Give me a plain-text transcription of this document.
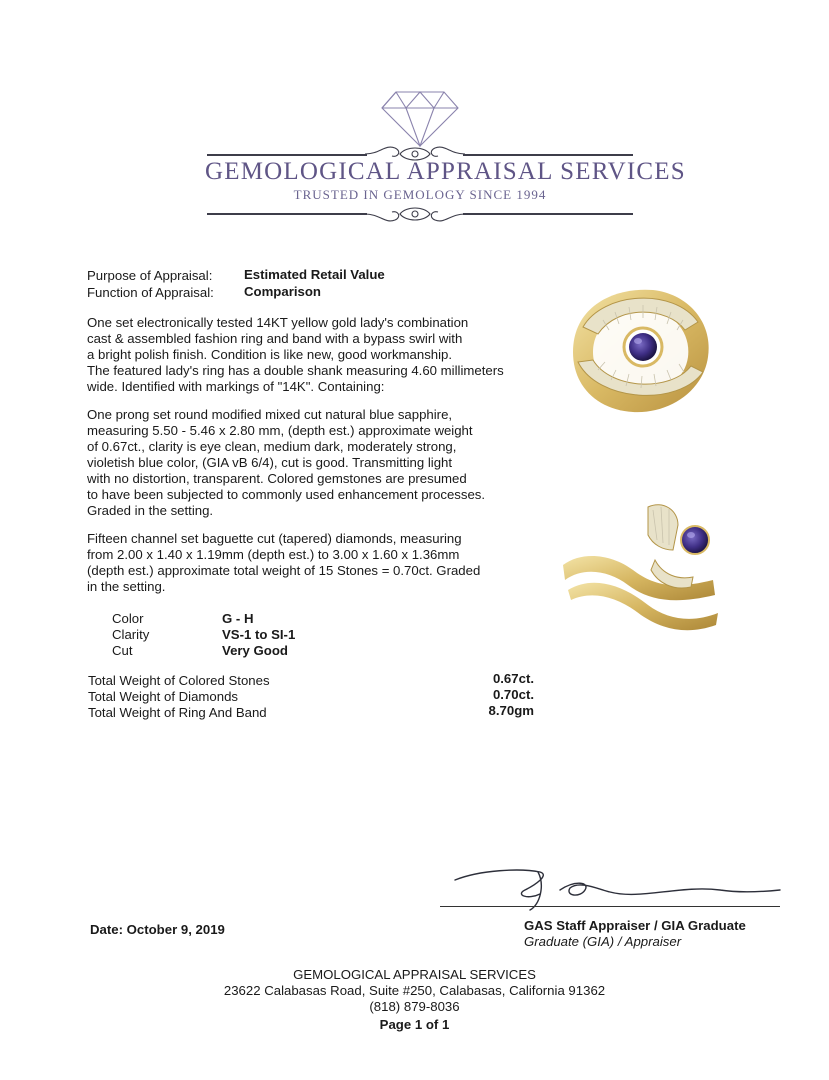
GEMOLOGICAL APPRAISAL SERVICES
TRUSTED IN GEMOLOGY SINCE 1994
Purpose of Appraisal: Estimated Retail Value
Function of Appraisal: Comparison
One set electronically tested 14KT yellow gold lady's combination
cast & assembled fashion ring and band with a bypass swirl with
a bright polish finish. Condition is like new, good workmanship.
The featured lady's ring has a double shank measuring 4.60 millimeters
wide. Identified with markings of "14K". Containing:
One prong set round modified mixed cut natural blue sapphire,
measuring 5.50 - 5.46 x 2.80 mm, (depth est.) approximate weight
of 0.67ct., clarity is eye clean, medium dark, moderately strong,
violetish blue color, (GIA vB 6/4), cut is good. Transmitting light
with no distortion, transparent. Colored gemstones are presumed
to have been subjected to commonly used enhancement processes.
Graded in the setting.
Fifteen channel set baguette cut (tapered) diamonds, measuring
from 2.00 x 1.40 x 1.19mm (depth est.) to 3.00 x 1.60 x 1.36mm
(depth est.) approximate total weight of 15 Stones = 0.70ct. Graded
in the setting.
Color	G - H
Clarity	VS-1 to SI-1
Cut	Very Good
Total Weight of Colored Stones	0.67ct.
Total Weight of Diamonds	0.70ct.
Total Weight of Ring And Band	8.70gm
Date: October 9, 2019	GAS Staff Appraiser / GIA Graduate
Graduate (GIA) / Appraiser
GEMOLOGICAL APPRAISAL SERVICES
23622 Calabasas Road, Suite #250, Calabasas, California 91362
(818) 879-8036
Page 1 of 1
